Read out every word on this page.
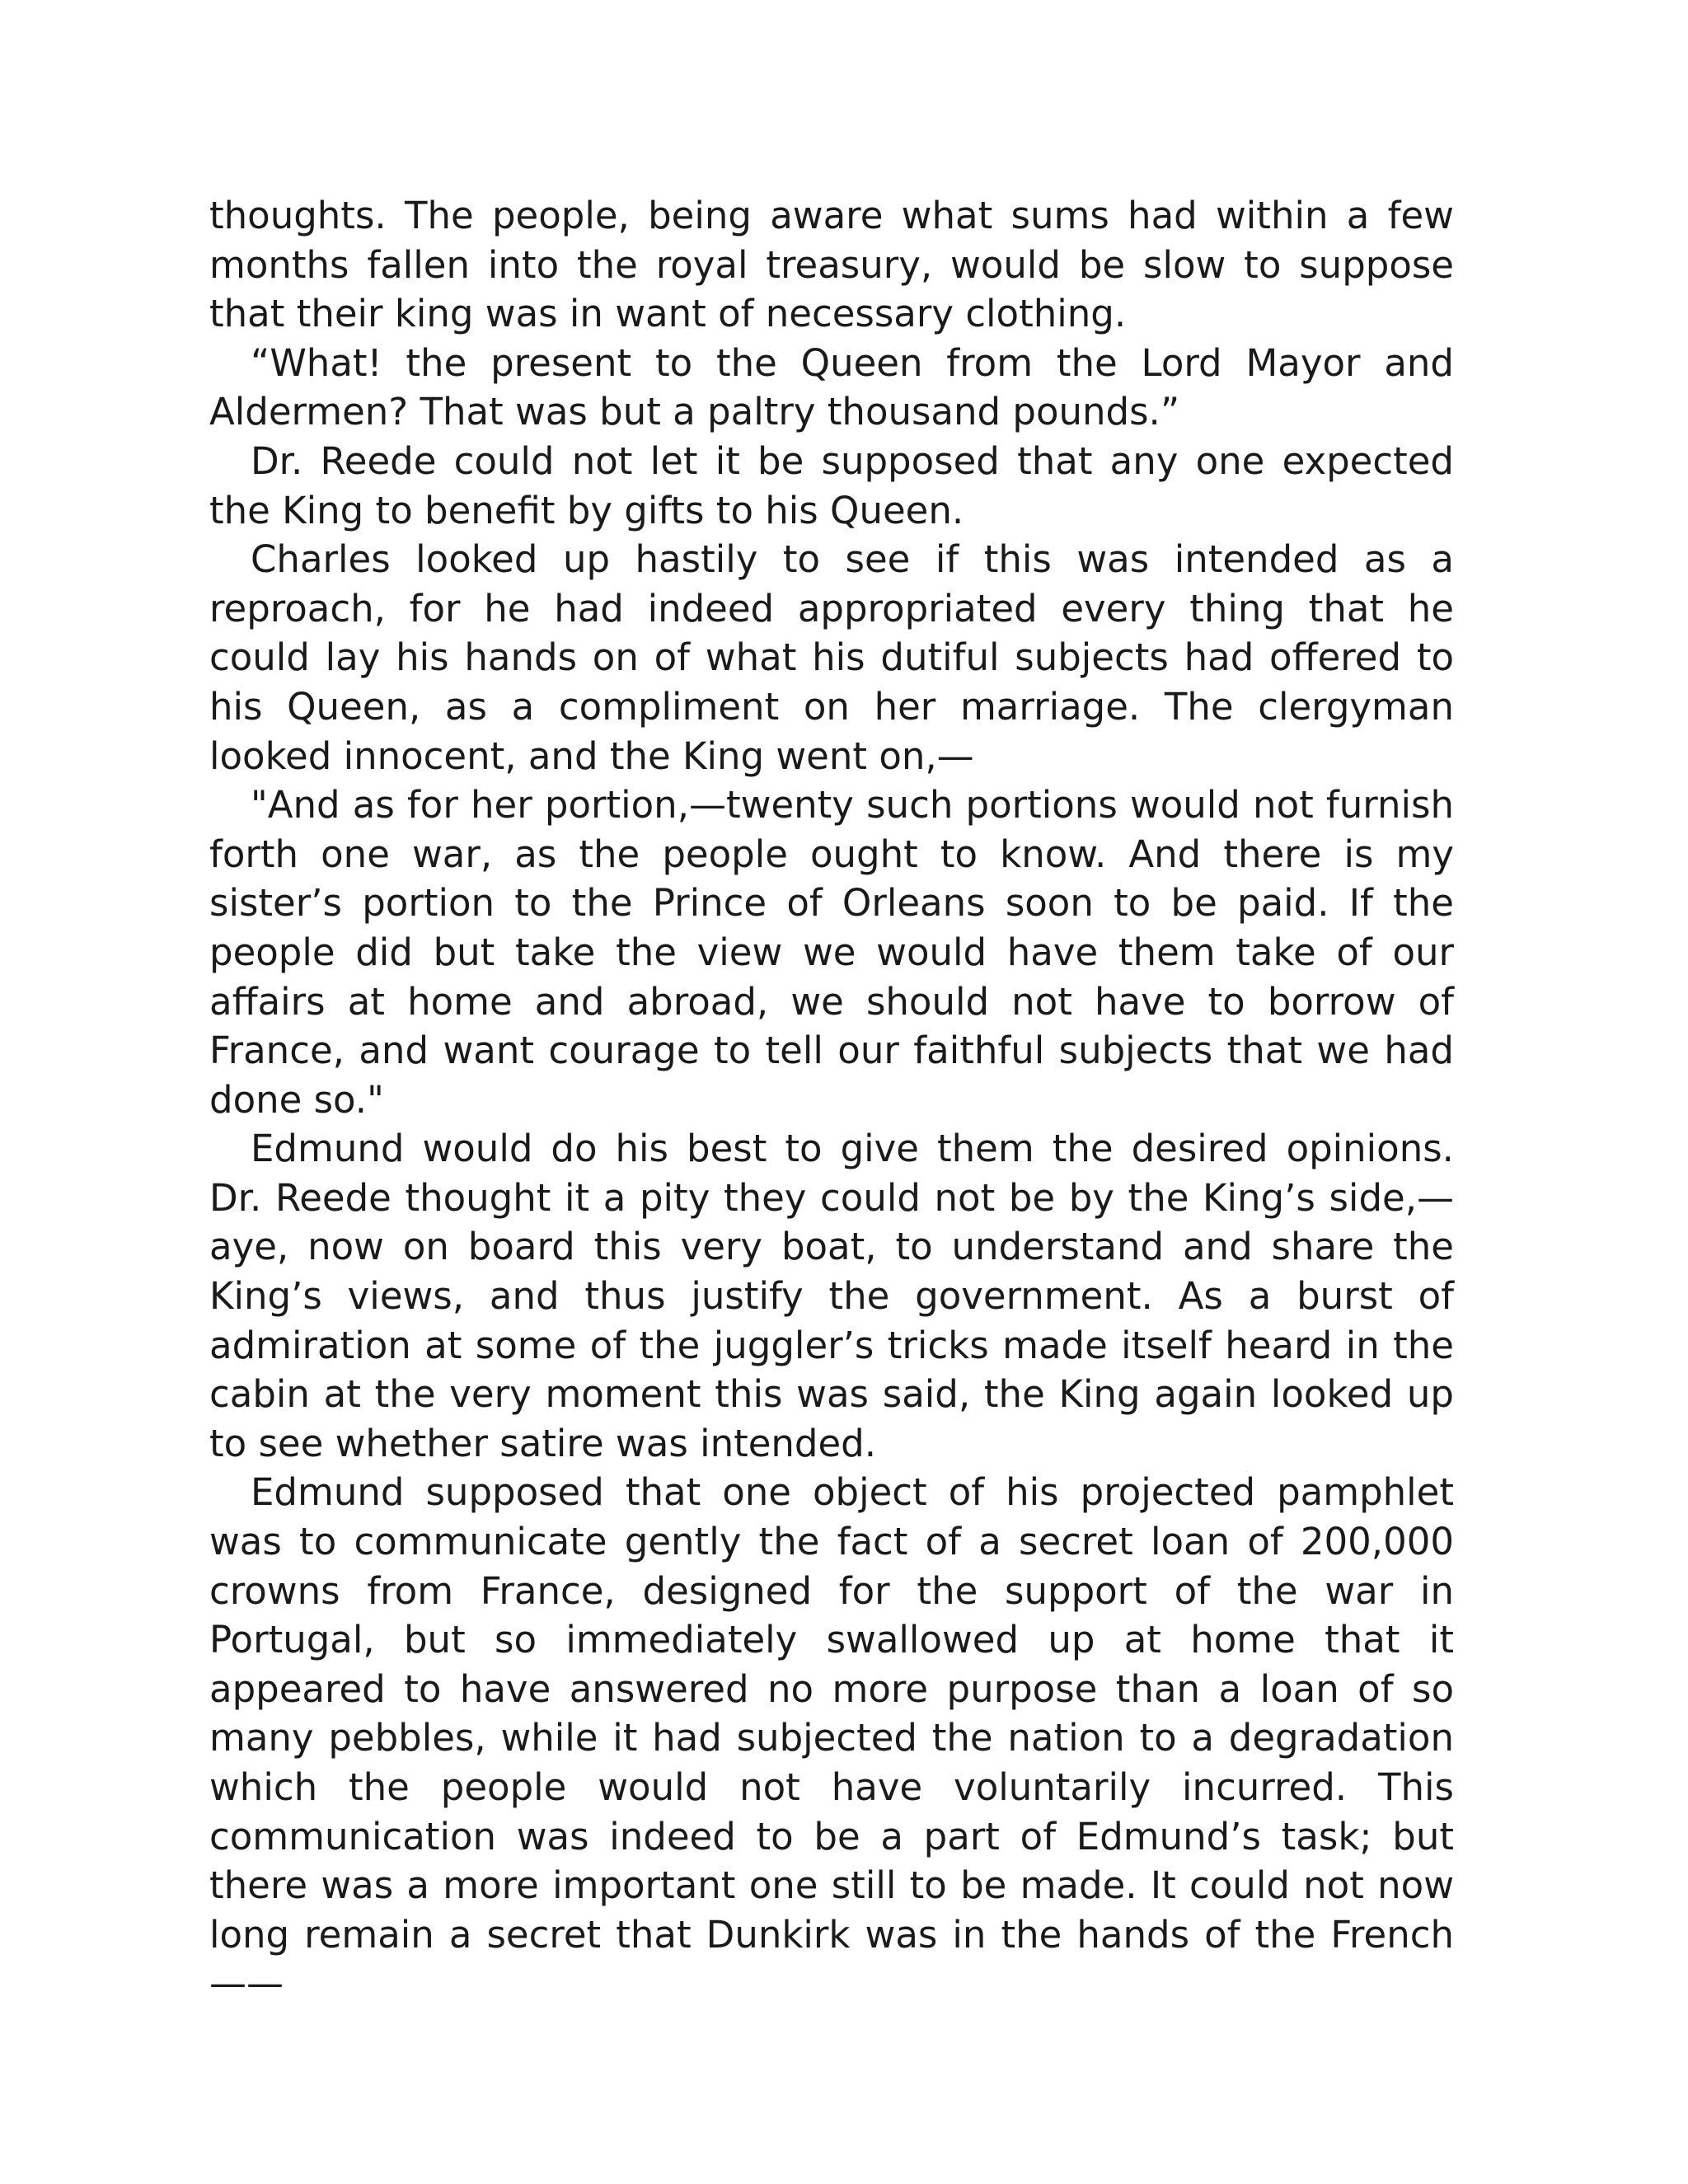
thoughts. The people, being aware what sums had within a few months fallen into the royal treasury, would be slow to suppose that their king was in want of necessary clothing.

“What! the present to the Queen from the Lord Mayor and Aldermen? That was but a paltry thousand pounds.”

Dr. Reede could not let it be supposed that any one expected the King to benefit by gifts to his Queen.

Charles looked up hastily to see if this was intended as a reproach, for he had indeed appropriated every thing that he could lay his hands on of what his dutiful subjects had offered to his Queen, as a compliment on her marriage. The clergyman looked innocent, and the King went on,—

"And as for her portion,—twenty such portions would not furnish forth one war, as the people ought to know. And there is my sister’s portion to the Prince of Orleans soon to be paid. If the people did but take the view we would have them take of our affairs at home and abroad, we should not have to borrow of France, and want courage to tell our faithful subjects that we had done so."

Edmund would do his best to give them the desired opinions. Dr. Reede thought it a pity they could not be by the King’s side,—aye, now on board this very boat, to understand and share the King’s views, and thus justify the government. As a burst of admiration at some of the juggler’s tricks made itself heard in the cabin at the very moment this was said, the King again looked up to see whether satire was intended.

Edmund supposed that one object of his projected pamphlet was to communicate gently the fact of a secret loan of 200,000 crowns from France, designed for the support of the war in Portugal, but so immediately swallowed up at home that it appeared to have answered no more purpose than a loan of so many pebbles, while it had subjected the nation to a degradation which the people would not have voluntarily incurred. This communication was indeed to be a part of Edmund’s task; but there was a more important one still to be made. It could not now long remain a secret that Dunkirk was in the hands of the French——
